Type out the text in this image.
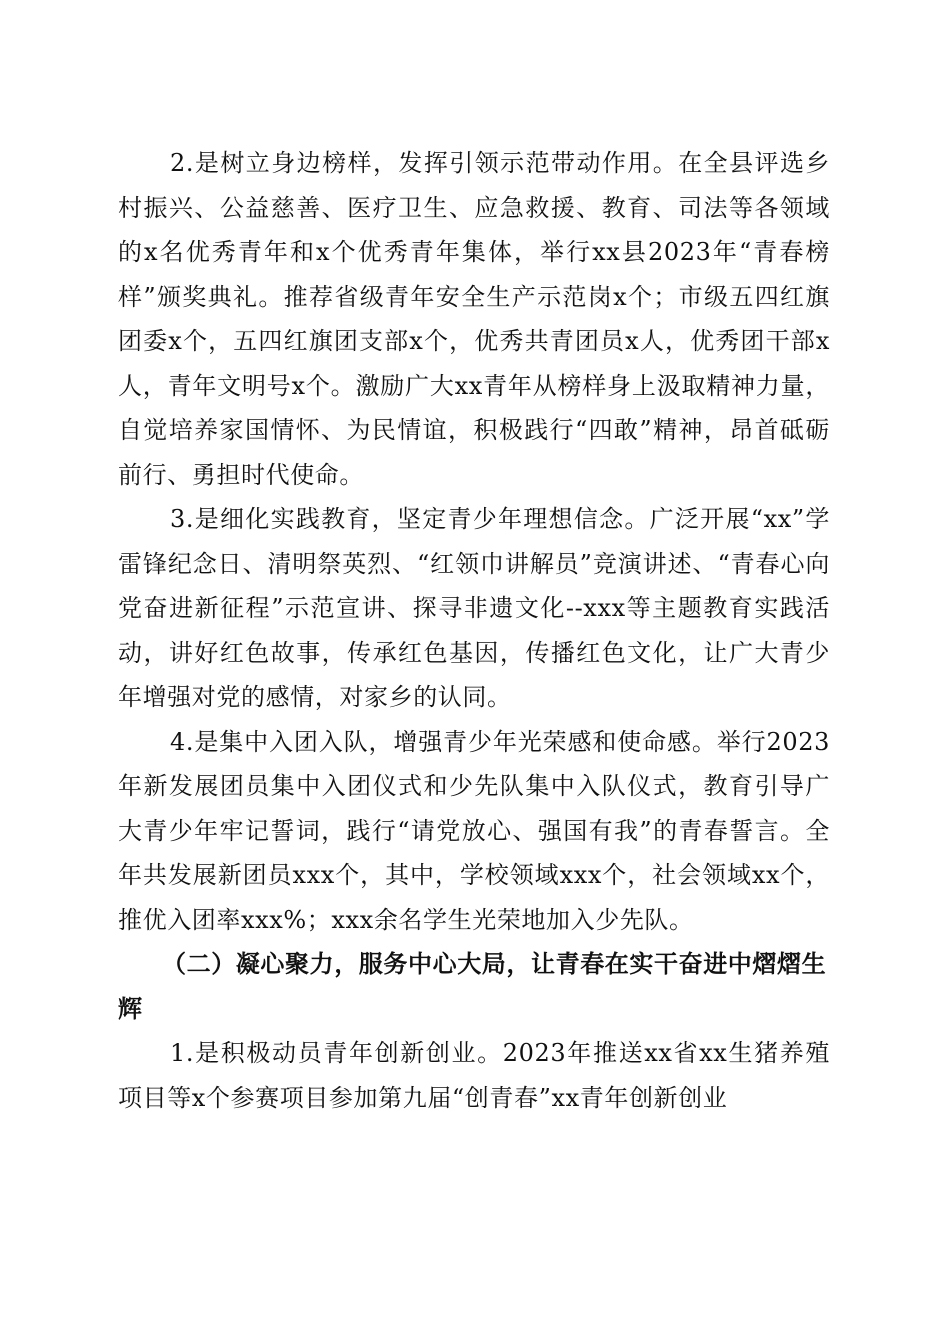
2.是树立身边榜样，发挥引领示范带动作用。在全县评选乡村振兴、公益慈善、医疗卫生、应急救援、教育、司法等各领域的x名优秀青年和x个优秀青年集体，举行xx县2023年“青春榜样”颁奖典礼。推荐省级青年安全生产示范岗x个；市级五四红旗团委x个，五四红旗团支部x个，优秀共青团员x人，优秀团干部x人，青年文明号x个。激励广大xx青年从榜样身上汲取精神力量，自觉培养家国情怀、为民情谊，积极践行“四敢”精神，昂首砥砺前行、勇担时代使命。

3.是细化实践教育，坚定青少年理想信念。广泛开展“xx”学雷锋纪念日、清明祭英烈、“红领巾讲解员”竞演讲述、“青春心向党奋进新征程”示范宣讲、探寻非遗文化--xxx等主题教育实践活动，讲好红色故事，传承红色基因，传播红色文化，让广大青少年增强对党的感情，对家乡的认同。

4.是集中入团入队，增强青少年光荣感和使命感。举行2023年新发展团员集中入团仪式和少先队集中入队仪式，教育引导广大青少年牢记誓词，践行“请党放心、强国有我”的青春誓言。全年共发展新团员xxx个，其中，学校领域xxx个，社会领域xx个，推优入团率xxx%；xxx余名学生光荣地加入少先队。

（二）凝心聚力，服务中心大局，让青春在实干奋进中熠熠生辉

1.是积极动员青年创新创业。2023年推送xx省xx生猪养殖项目等x个参赛项目参加第九届“创青春”xx青年创新创业
